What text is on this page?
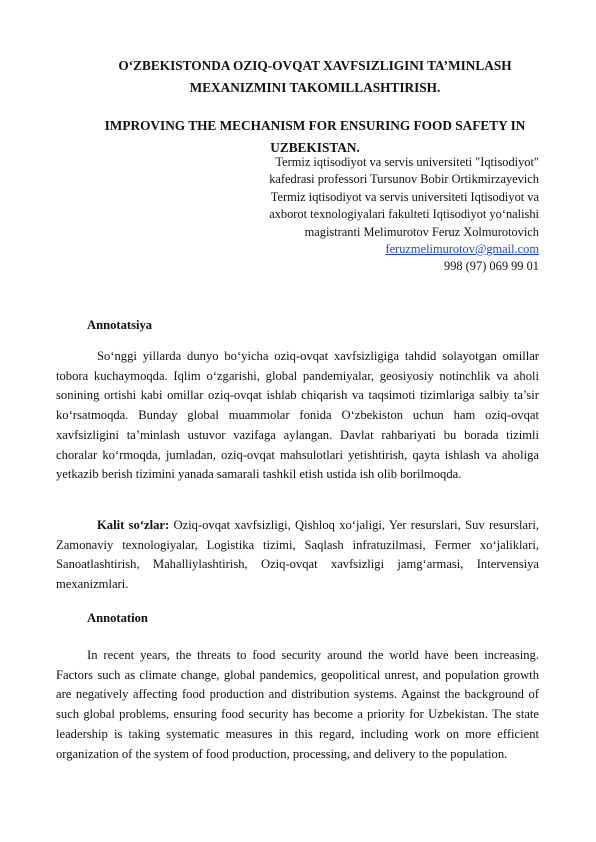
O‘ZBEKISTONDA OZIQ-OVQAT XAVFSIZLIGINI TA’MINLASH
MEXANIZMINI TAKOMILLASHTIRISH.
IMPROVING THE MECHANISM FOR ENSURING FOOD SAFETY IN
UZBEKISTAN.
Termiz iqtisodiyot va servis universiteti "Iqtisodiyot"
kafedrasi professori Tursunov Bobir Ortikmirzayevich
Termiz iqtisodiyot va servis universiteti Iqtisodiyot va
axborot texnologiyalari fakulteti Iqtisodiyot yo‘nalishi
magistranti Melimurotov Feruz Xolmurotovich
feruzmelimurotov@gmail.com
998 (97) 069 99 01
Annotatsiya
So‘nggi yillarda dunyo bo‘yicha oziq-ovqat xavfsizligiga tahdid solayotgan omillar tobora kuchaymoqda. Iqlim o‘zgarishi, global pandemiyalar, geosiyosiy notinchlik va aholi sonining ortishi kabi omillar oziq-ovqat ishlab chiqarish va taqsimoti tizimlariga salbiy ta’sir ko‘rsatmoqda. Bunday global muammolar fonida O‘zbekiston uchun ham oziq-ovqat xavfsizligini ta’minlash ustuvor vazifaga aylangan. Davlat rahbariyati bu borada tizimli choralar ko‘rmoqda, jumladan, oziq-ovqat mahsulotlari yetishtirish, qayta ishlash va aholiga yetkazib berish tizimini yanada samarali tashkil etish ustida ish olib borilmoqda.
Kalit so‘zlar: Oziq-ovqat xavfsizligi, Qishloq xo‘jaligi, Yer resurslari, Suv resurslari, Zamonaviy texnologiyalar, Logistika tizimi, Saqlash infratuzilmasi, Fermer xo‘jaliklari, Sanoatlashtirish, Mahalliylashtirish, Oziq-ovqat xavfsizligi jamg‘armasi, Intervensiya mexanizmlari.
Annotation
In recent years, the threats to food security around the world have been increasing. Factors such as climate change, global pandemics, geopolitical unrest, and population growth are negatively affecting food production and distribution systems. Against the background of such global problems, ensuring food security has become a priority for Uzbekistan. The state leadership is taking systematic measures in this regard, including work on more efficient organization of the system of food production, processing, and delivery to the population.
